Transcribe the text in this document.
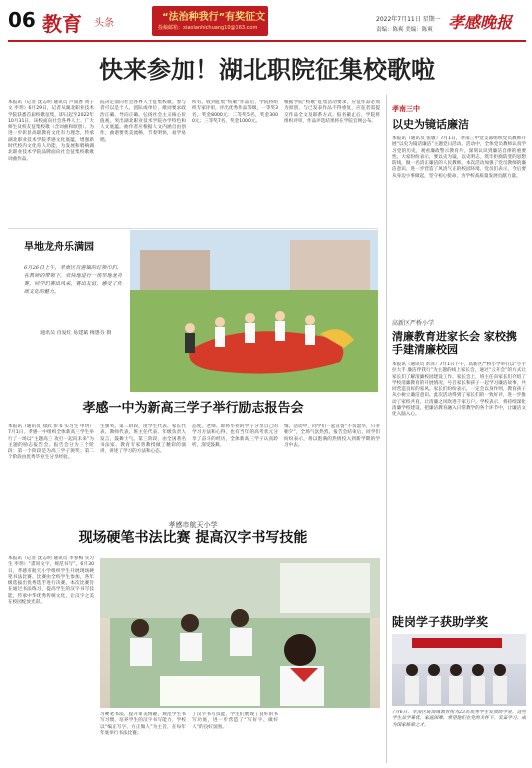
06 教育 头条
“法治种我行”有奖征文
投稿邮箱：xiaolanhichuang10@163.com
2022年7月11日 星期一
责编：陈爽 美编：陈爽 孝感晚报
快来参加！湖北职院征集校歌啦
本报讯（记者 沈志明 通讯员 卢雨香 黄子文 申玥）6月29日，记者从湖北职业技术学院获悉首届校歌征集，即日起至2022年10月31日，该校面向社会各界人士、广大师生及校友征集校歌（含词曲和原创）。为进一步彰显高职教育文化有力理念，传承湖北职业技术学院孝感文化底蕴，增强新时代校内文化育人功能，为发展和唱响湖北职业技术学院品牌面向社会征集校歌歌词曲作品。
院决定面向社会各界人士征集校歌。参与者可以是个人、团队或单位，歌词要求政治正确、导向正确、弘扬社会主义核心价值观，突出湖北职业技术学院办学特色和人文底蕴。曲作者应根据人文内涵自由创作，曲谱要优美流畅，节奏明快，易学易唱。
所有。收到征集“校歌”作品后，学院将组织专家评审，评出优秀作品等级，一等奖3名，奖金8000元；二等奖5名，奖金3000元；三等奖7名，奖金1000元。
根据学院“校歌”征集活动要求，应征作品必须为原创，与已发表作品不得重复，应征者需提交作品全文及联系方式。报名截止后，学院将组织评审，作品评选结果将在学院官网公布。
旱地龙舟乐满园
6月26日上午，孝南区肖港镇的红领巾们，在教师的带领下，欢快地进行一场旱地龙舟赛。同学们赛出风采，赛出友谊，感受了传统文化的魅力。
通讯员 肖爱红 易建斌 梅惠芬 摄
孝感一中为新高三学子举行励志报告会
本报讯（通讯员 徐武 彭书 实习生 申玥）7月1日，孝感一中组织全体新高三学生举行了一场以“主题高三 攻打一起向未来”为主题的励志报告会。报告会分为三个阶段：第一个阶段是为高三学子颁奖；第二个阶段由优秀毕业生分享经验。
生颁奖。第二阶段，由学生代表、家长代表、教师代表、班主任代表、年级负责人发言，鼓舞士气。第三阶段，由全国著名书法家、教育专家曾教授做了精彩的演讲，讲述了学习的方法和心态。
态度。老师、即将毕业的学子分享自己的学习方法和心得，也有当年的高考状元分享了奋斗的经历，全体新高三学子认真聆听，深受鼓舞。
情。活动中，同学们一起宣誓“不负韶华，只争朝夕”，全场气氛热烈。报告会结束后，同学们纷纷表示，将以饱满的热情投入到新学期的学习中去。
孝感市航天小学
现场硬笔书法比赛 提高汉字书写技能
本报讯（记者 沈志明 通讯员 李春梅 实习生 申玥）“書同文字，规范书写”。6月30日，孝感市航天小学组织学生开展现场硬笔书法比赛。比赛由全校学生参加，各年级选拔出优秀选手进行决赛。本次比赛旨在通过书法练习，提高学生的汉字书写技能，传承中华优秀传统文化，让汉字之美在校园绽放光彩。
习硬笔书法，提升审美情趣，规范学生书写习惯，培养学生的汉字书写能力，学校以“编正写字、方正做人”为主旨，在每年年底举行书法比赛。
了汉字书写技能，学生们展现了良好的书写功底，进一步营造了“写好字、做好人”的良好氛围。
孝南三中
以史为镜话廉洁
本报讯（通讯员 张敏）7月1日，孝南三中党支部组织党员教师开展“以史为镜话廉洁”主题党日活动。活动中，全体党员教师认真学习党的历史，观看廉政警示教育片，深刻认识到廉洁自律的重要性。大家纷纷表示，要以史为镜，以史明志，筑牢拒腐防变的思想防线，做一名清正廉洁的人民教师。本次活动加强了党员教师的廉洁意识，进一步营造了风清气正的校园环境。党员们表示，今后要从身边小事做起，坚守初心使命，为学校高质量发展贡献力量。
高新区严桥小学
清廉教育进家长会 家校携手建清廉校园
本报讯（通讯员 彭泽）7月1日下午，高新区严桥小学举行以“小手拉大手 廉洁伴我行”为主题的线上家长会，通过“云开会”的方式让家长们了解清廉校园建设工作。家长会上，班主任向家长们介绍了学校清廉教育的开展情况，号召家长和孩子一起学习廉洁故事，共同营造良好的家风。家长们纷纷表示，一定会以身作则，教育孩子从小树立廉洁意识。此次活动得到了家长们的一致好评，进一步推动了家校共育，让清廉之风吹进千家万户。学校表示，将持续深化清廉学校建设，把廉洁教育融入日常教学的各个环节中，让廉洁文化入脑入心。
陡岗学子获助学奖
7月6日，孝南区陡岗镇教育组为23名优秀学生发放助学金。这些学生品学兼优，家庭困难，希望他们在党的关怀下，发奋学习，成为国家栋梁之才。
